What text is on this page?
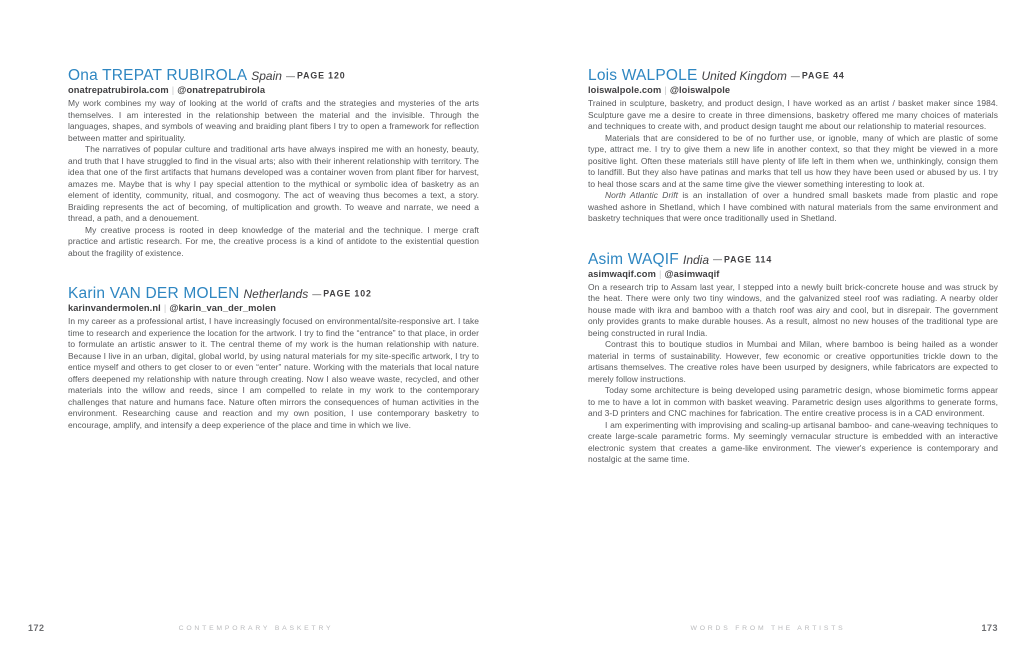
Ona TREPAT RUBIROLA Spain — PAGE 120
onatrepatrubirola.com | @onatrepatrubirola

My work combines my way of looking at the world of crafts and the strategies and mysteries of the arts themselves. I am interested in the relationship between the material and the invisible. Through the languages, shapes, and symbols of weaving and braiding plant fibers I try to open a framework for reflection between matter and spirituality.

The narratives of popular culture and traditional arts have always inspired me with an honesty, beauty, and truth that I have struggled to find in the visual arts; also with their inherent relationship with territory. The idea that one of the first artifacts that humans developed was a container woven from plant fiber for harvest, amazes me. Maybe that is why I pay special attention to the mythical or symbolic idea of basketry as an element of identity, community, ritual, and cosmogony. The act of weaving thus becomes a text, a story. Braiding represents the act of becoming, of multiplication and growth. To weave and narrate, we need a thread, a path, and a denouement.

My creative process is rooted in deep knowledge of the material and the technique. I merge craft practice and artistic research. For me, the creative process is a kind of antidote to the existential question about the fragility of existence.

Karin VAN DER MOLEN Netherlands — PAGE 102
karinvandermolen.nl | @karin_van_der_molen

In my career as a professional artist, I have increasingly focused on environmental/site-responsive art. I take time to research and experience the location for the artwork. I try to find the “entrance” to that place, in order to formulate an artistic answer to it. The central theme of my work is the human relationship with nature. Because I live in an urban, digital, global world, by using natural materials for my site-specific artwork, I try to entice myself and others to get closer to or even “enter” nature. Working with the materials that local nature offers deepened my relationship with nature through creating. Now I also weave waste, recycled, and other materials into the willow and reeds, since I am compelled to relate in my work to the contemporary challenges that nature and humans face. Nature often mirrors the consequences of human activities in the environment. Researching cause and reaction and my own position, I use contemporary basketry to encourage, amplify, and intensify a deep experience of the place and time in which we live.

172	CONTEMPORARY BASKETRY
Lois WALPOLE United Kingdom — PAGE 44
loiswalpole.com | @loiswalpole

Trained in sculpture, basketry, and product design, I have worked as an artist / basket maker since 1984. Sculpture gave me a desire to create in three dimensions, basketry offered me many choices of materials and techniques to create with, and product design taught me about our relationship to material resources.

Materials that are considered to be of no further use, or ignoble, many of which are plastic of some type, attract me. I try to give them a new life in another context, so that they might be viewed in a more positive light. Often these materials still have plenty of life left in them when we, unthinkingly, consign them to landfill. But they also have patinas and marks that tell us how they have been used or abused by us. I try to heal those scars and at the same time give the viewer something interesting to look at.

North Atlantic Drift is an installation of over a hundred small baskets made from plastic and rope washed ashore in Shetland, which I have combined with natural materials from the same environment and basketry techniques that were once traditionally used in Shetland.

Asim WAQIF India — PAGE 114
asimwaqif.com | @asimwaqif

On a research trip to Assam last year, I stepped into a newly built brick-concrete house and was struck by the heat. There were only two tiny windows, and the galvanized steel roof was radiating. A nearby older house made with ikra and bamboo with a thatch roof was airy and cool, but in disrepair. The government only provides grants to make durable houses. As a result, almost no new houses of the traditional type are being constructed in rural India.

Contrast this to boutique studios in Mumbai and Milan, where bamboo is being hailed as a wonder material in terms of sustainability. However, few economic or creative opportunities trickle down to the artisans themselves. The creative roles have been usurped by designers, while fabricators are expected to merely follow instructions.

Today some architecture is being developed using parametric design, whose biomimetic forms appear to me to have a lot in common with basket weaving. Parametric design uses algorithms to generate forms, and 3-D printers and CNC machines for fabrication. The entire creative process is in a CAD environment.

I am experimenting with improvising and scaling-up artisanal bamboo- and cane-weaving techniques to create large-scale parametric forms. My seemingly vernacular structure is embedded with an interactive electronic system that creates a game-like environment. The viewer's experience is contemporary and nostalgic at the same time.

173
WORDS FROM THE ARTISTS
